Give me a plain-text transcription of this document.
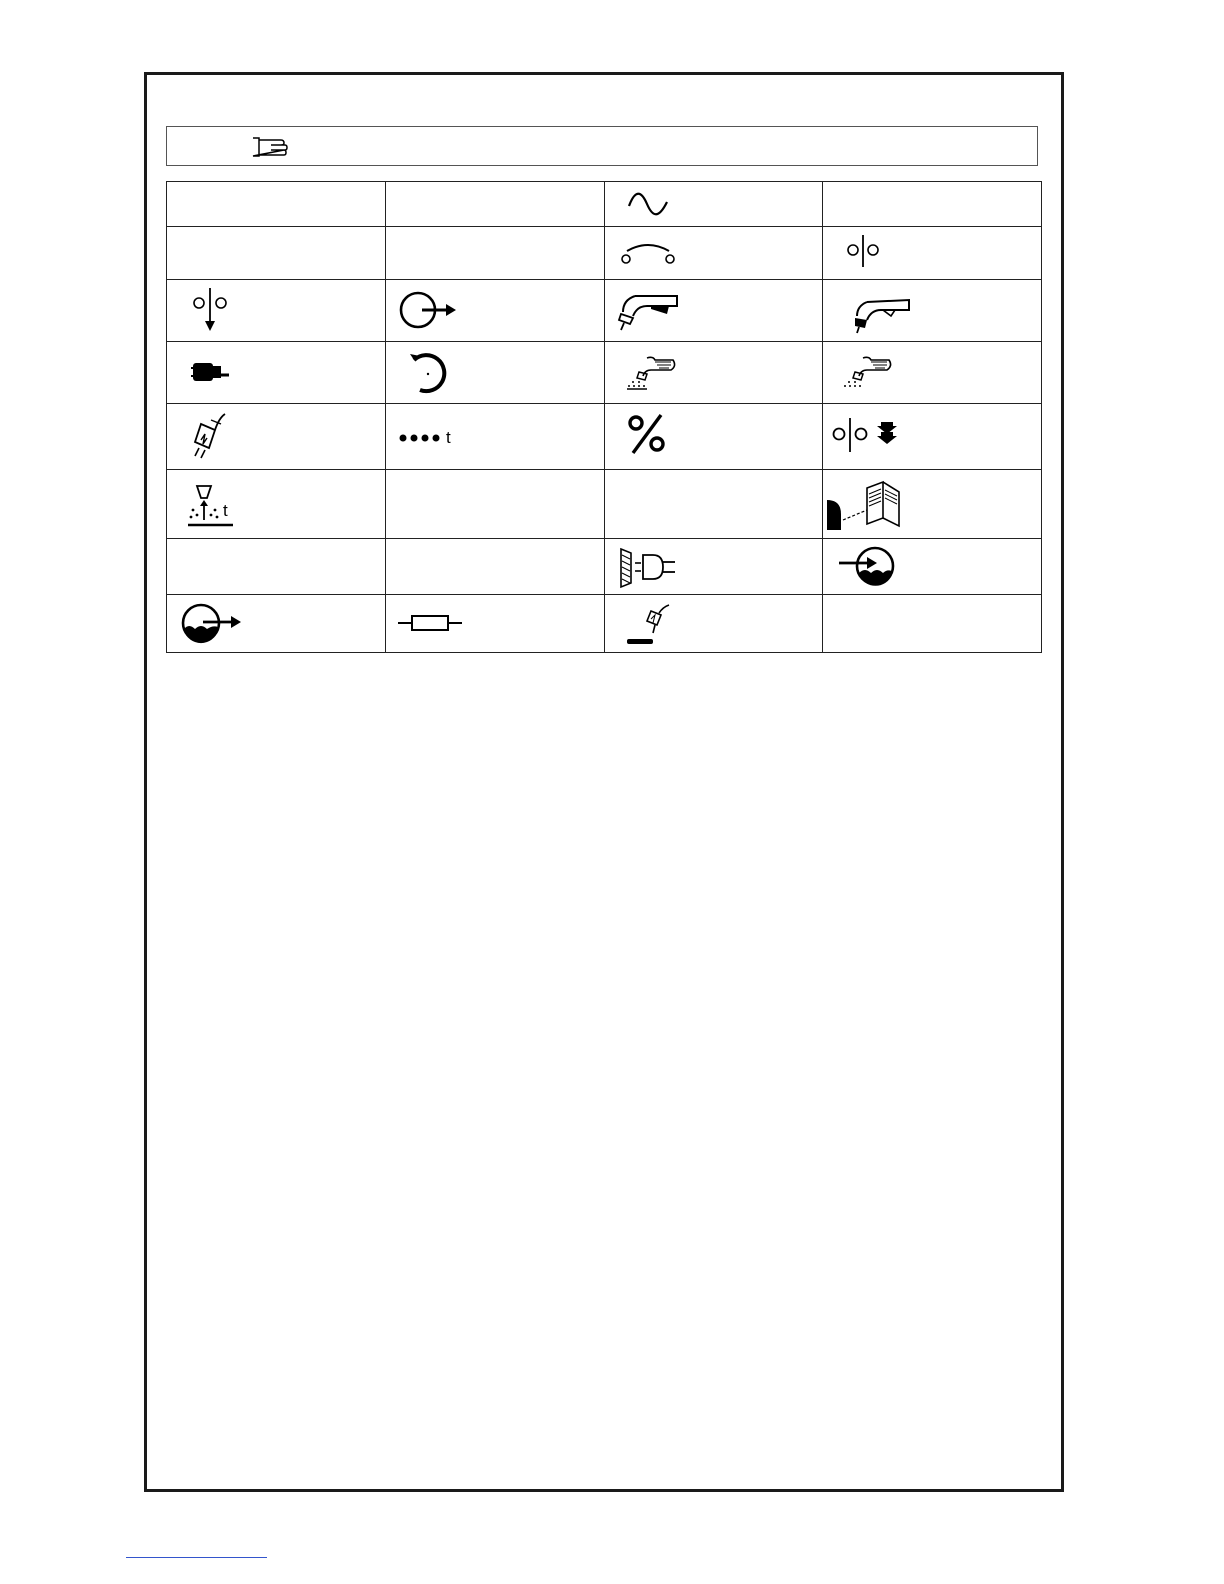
t

t
